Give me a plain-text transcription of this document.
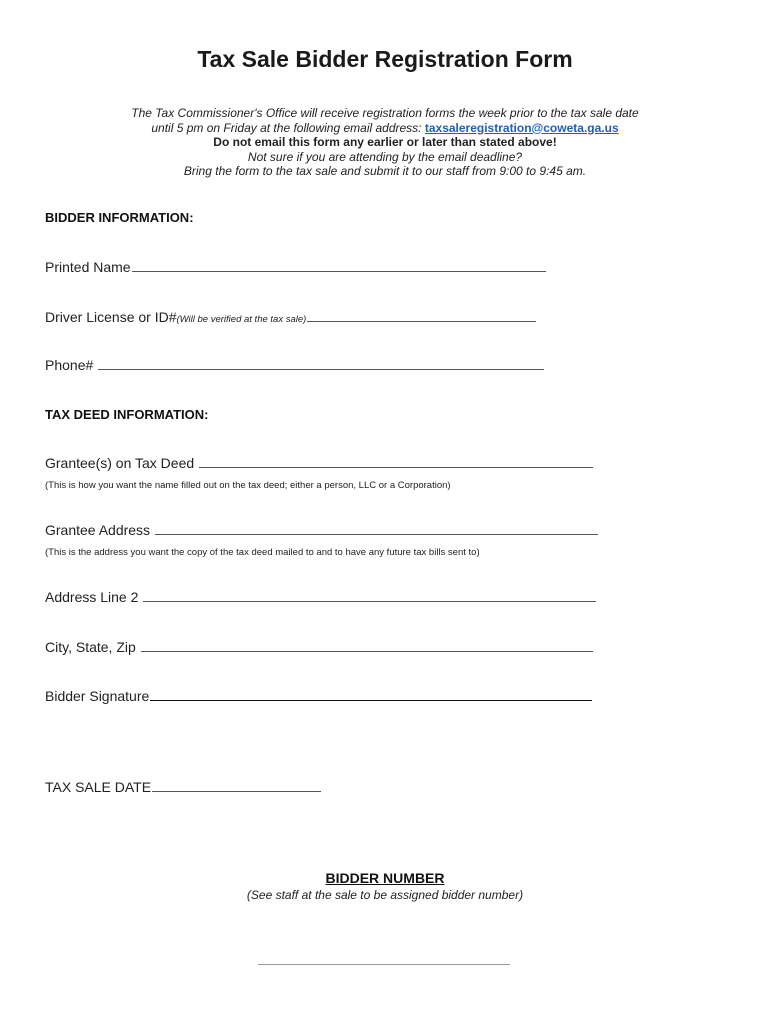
Tax Sale Bidder Registration Form
The Tax Commissioner's Office will receive registration forms the week prior to the tax sale date
until 5 pm on Friday at the following email address: taxsaleregistration@coweta.ga.us
Do not email this form any earlier or later than stated above!
Not sure if you are attending by the email deadline?
Bring the form to the tax sale and submit it to our staff from 9:00 to 9:45 am.
BIDDER INFORMATION:
Printed Name
Driver License or ID# (Will be verified at the tax sale)
Phone#
TAX DEED INFORMATION:
Grantee(s) on Tax Deed
(This is how you want the name filled out on the tax deed; either a person, LLC or a Corporation)
Grantee Address
(This is the address you want the copy of the tax deed mailed to and to have any future tax bills sent to)
Address Line 2
City, State, Zip
Bidder Signature
TAX SALE DATE
BIDDER NUMBER
(See staff at the sale to be assigned bidder number)
